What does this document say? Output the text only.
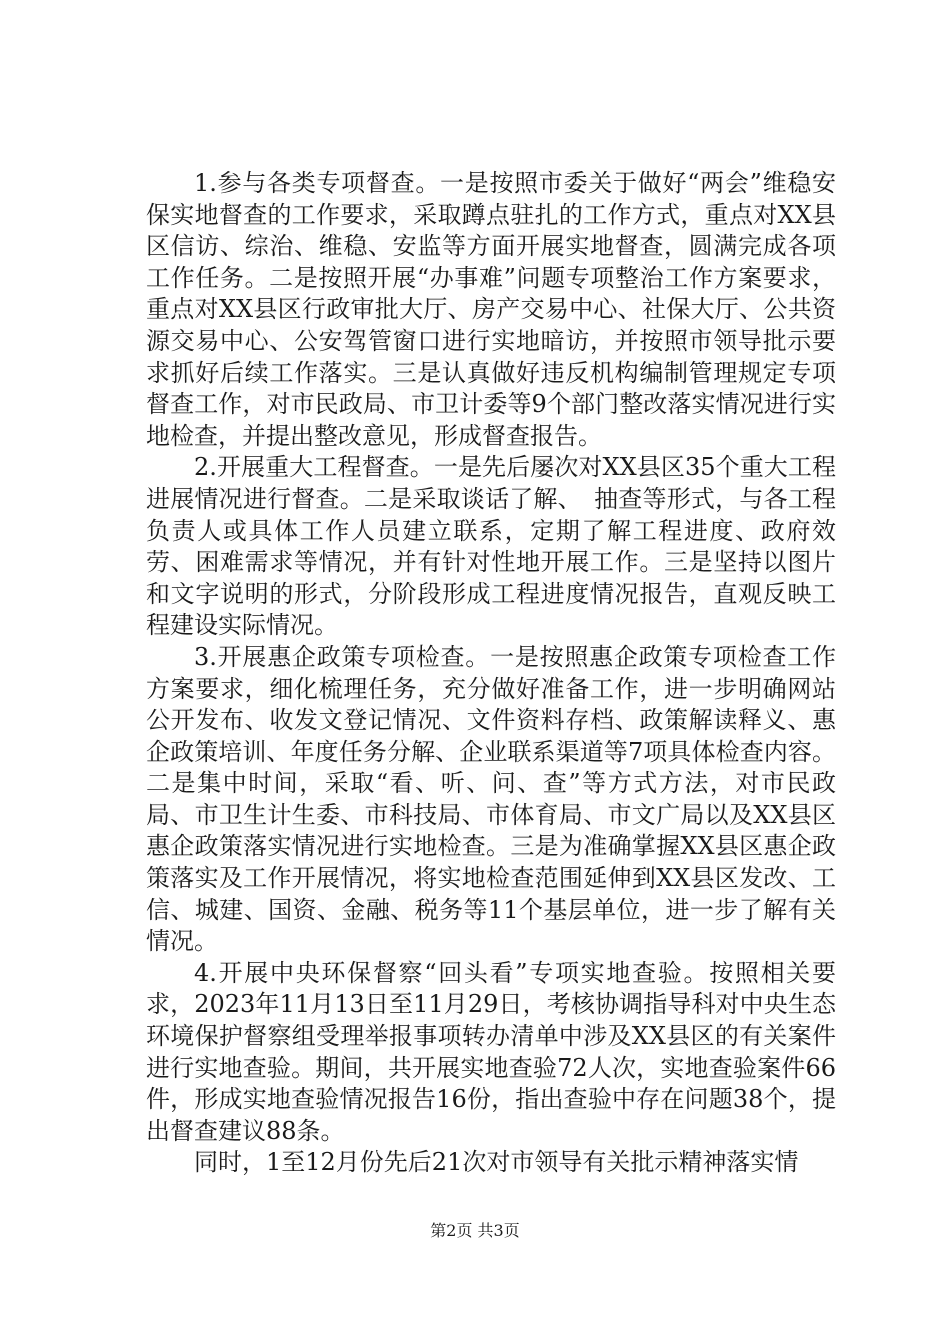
1.参与各类专项督查。一是按照市委关于做好“两会”维稳安保实地督查的工作要求，采取蹲点驻扎的工作方式，重点对XX县区信访、综治、维稳、安监等方面开展实地督查，圆满完成各项工作任务。二是按照开展“办事难”问题专项整治工作方案要求，重点对XX县区行政审批大厅、房产交易中心、社保大厅、公共资源交易中心、公安驾管窗口进行实地暗访，并按照市领导批示要求抓好后续工作落实。三是认真做好违反机构编制管理规定专项督查工作，对市民政局、市卫计委等9个部门整改落实情况进行实地检查，并提出整改意见，形成督查报告。

2.开展重大工程督查。一是先后屡次对XX县区35个重大工程进展情况进行督查。二是采取谈话了解、　抽查等形式，与各工程负责人或具体工作人员建立联系，定期了解工程进度、政府效劳、困难需求等情况，并有针对性地开展工作。三是坚持以图片和文字说明的形式，分阶段形成工程进度情况报告，直观反映工程建设实际情况。

3.开展惠企政策专项检查。一是按照惠企政策专项检查工作方案要求，细化梳理任务，充分做好准备工作，进一步明确网站公开发布、收发文登记情况、文件资料存档、政策解读释义、惠企政策培训、年度任务分解、企业联系渠道等7项具体检查内容。二是集中时间，采取“看、听、问、查”等方式方法，对市民政局、市卫生计生委、市科技局、市体育局、市文广局以及XX县区惠企政策落实情况进行实地检查。三是为准确掌握XX县区惠企政策落实及工作开展情况，将实地检查范围延伸到XX县区发改、工信、城建、国资、金融、税务等11个基层单位，进一步了解有关情况。

4.开展中央环保督察“回头看”专项实地查验。按照相关要求，2023年11月13日至11月29日，考核协调指导科对中央生态环境保护督察组受理举报事项转办清单中涉及XX县区的有关案件进行实地查验。期间，共开展实地查验72人次，实地查验案件66件，形成实地查验情况报告16份，指出查验中存在问题38个，提出督查建议88条。

同时，1至12月份先后21次对市领导有关批示精神落实情

第2页 共3页
